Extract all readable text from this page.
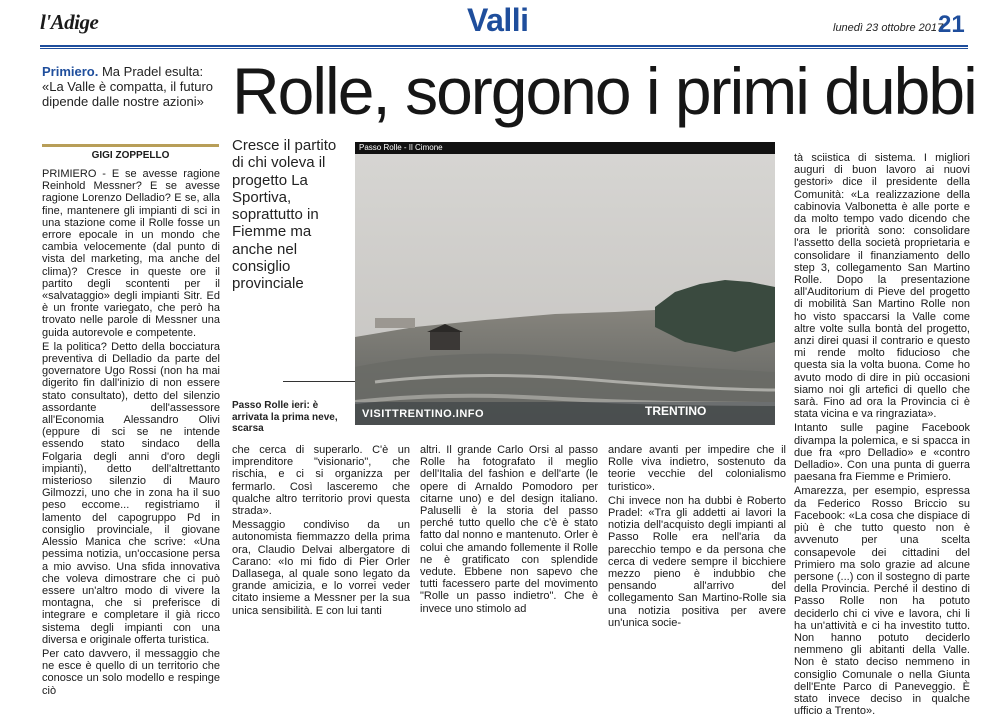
l'Adige	Valli	lunedì 23 ottobre 2017
21
Primiero. Ma Pradel esulta: «La Valle è compatta, il futuro dipende dalle nostre azioni» Rolle, sorgono i primi dubbi
GIGI ZOPPELLO

PRIMIERO - E se avesse ragione Reinhold Messner? E se avesse ragione Lorenzo Delladio? E se, alla fine, mantenere gli impianti di sci in una stazione come il Rolle fosse un errore epocale in un mondo che cambia velocemente (dal punto di vista del marketing, ma anche del clima)? Cresce in queste ore il partito degli scontenti per il «salvataggio» degli impianti Sitr. Ed è un fronte variegato, che però ha trovato nelle parole di Messner una guida autorevole e competente.

E la politica? Detto della bocciatura preventiva di Delladio da parte del governatore Ugo Rossi (non ha mai digerito fin dall'inizio di non essere stato consultato), detto del silenzio assordante dell'assessore all'Economia Alessandro Olivi (eppure di sci se ne intende essendo stato sindaco della Folgaria degli anni d'oro degli impianti), detto dell'altrettanto misterioso silenzio di Mauro Gilmozzi, uno che in zona ha il suo peso eccome... registriamo il lamento del capogruppo Pd in consiglio provinciale, il giovane Alessio Manica che scrive: «Una pessima notizia, un'occasione persa a mio avviso. Una sfida innovativa che voleva dimostrare che ci può essere un'altro modo di vivere la montagna, che si preferisce di integrare e completare il già ricco sistema degli impianti con una diversa e originale offerta turistica.

Per cato davvero, il messaggio che ne esce è quello di un territorio che conosce un solo modello e respinge ciò

Cresce il partito di chi voleva il progetto La Sportiva, soprattutto in Fiemme ma anche nel consiglio provinciale
Passo Rolle - Il Cimone
VISITTRENTINO.INFO	TRENTINO
Passo Rolle ieri: è arrivata la prima neve, scarsa

che cerca di superarlo. C'è un imprenditore "visionario", che rischia, e ci si organizza per fermarlo. Così lasceremo che qualche altro territorio provi questa strada».

Messaggio condiviso da un autonomista fiemmazzo della prima ora, Claudio Delvai albergatore di Carano: «Io mi fido di Pier Orler Dallasega, al quale sono legato da grande amicizia, e lo vorrei veder citato insieme a Messner per la sua unica sensibilità. E con lui tanti

altri. Il grande Carlo Orsi al passo Rolle ha fotografato il meglio dell'Italia del fashion e dell'arte (le opere di Arnaldo Pomodoro per citarne uno) e del design italiano. Paluselli è la storia del passo perché tutto quello che c'è è stato fatto dal nonno e mantenuto. Orler è colui che amando follemente il Rolle ne è gratificato con splendide vedute. Ebbene non sapevo che tutti facessero parte del movimento "Rolle un passo indietro". Che è invece uno stimolo ad

andare avanti per impedire che il Rolle viva indietro, sostenuto da teorie vecchie del colonialismo turistico».

Chi invece non ha dubbi è Roberto Pradel: «Tra gli addetti ai lavori la notizia dell'acquisto degli impianti al Passo Rolle era nell'aria da parecchio tempo e da persona che cerca di vedere sempre il bicchiere mezzo pieno è indubbio che pensando all'arrivo del collegamento San Martino-Rolle sia una notizia positiva per avere un'unica socie-

tà sciistica di sistema. I migliori auguri di buon lavoro ai nuovi gestori» dice il presidente della Comunità: «La realizzazione della cabinovia Valbonetta è alle porte e da molto tempo vado dicendo che ora le priorità sono: consolidare l'assetto della società proprietaria e consolidare il finanziamento dello step 3, collegamento San Martino Rolle. Dopo la presentazione all'Auditorium di Pieve del progetto di mobilità San Martino Rolle non ho visto spaccarsi la Valle come altre volte sulla bontà del progetto, anzi direi quasi il contrario e questo mi rende molto fiducioso che questa sia la volta buona. Come ho avuto modo di dire in più occasioni siamo noi gli artefici di quello che sarà. Fino ad ora la Provincia ci è stata vicina e va ringraziata».

Intanto sulle pagine Facebook divampa la polemica, e si spacca in due fra «pro Delladio» e «contro Delladio». Con una punta di guerra paesana fra Fiemme e Primiero.

Amarezza, per esempio, espressa da Federico Rosso Briccio su Facebook: «La cosa che dispiace di più è che tutto questo non è avvenuto per una scelta consapevole dei cittadini del Primiero ma solo grazie ad alcune persone (...) con il sostegno di parte della Provincia. Perché il destino di Passo Rolle non ha potuto deciderlo chi ci vive e lavora, chi li ha un'attività e ci ha investito tutto. Non hanno potuto deciderlo nemmeno gli abitanti della Valle. Non è stato deciso nemmeno in consiglio Comunale o nella Giunta dell'Ente Parco di Paneveggio. È stato invece deciso in qualche ufficio a Trento».
